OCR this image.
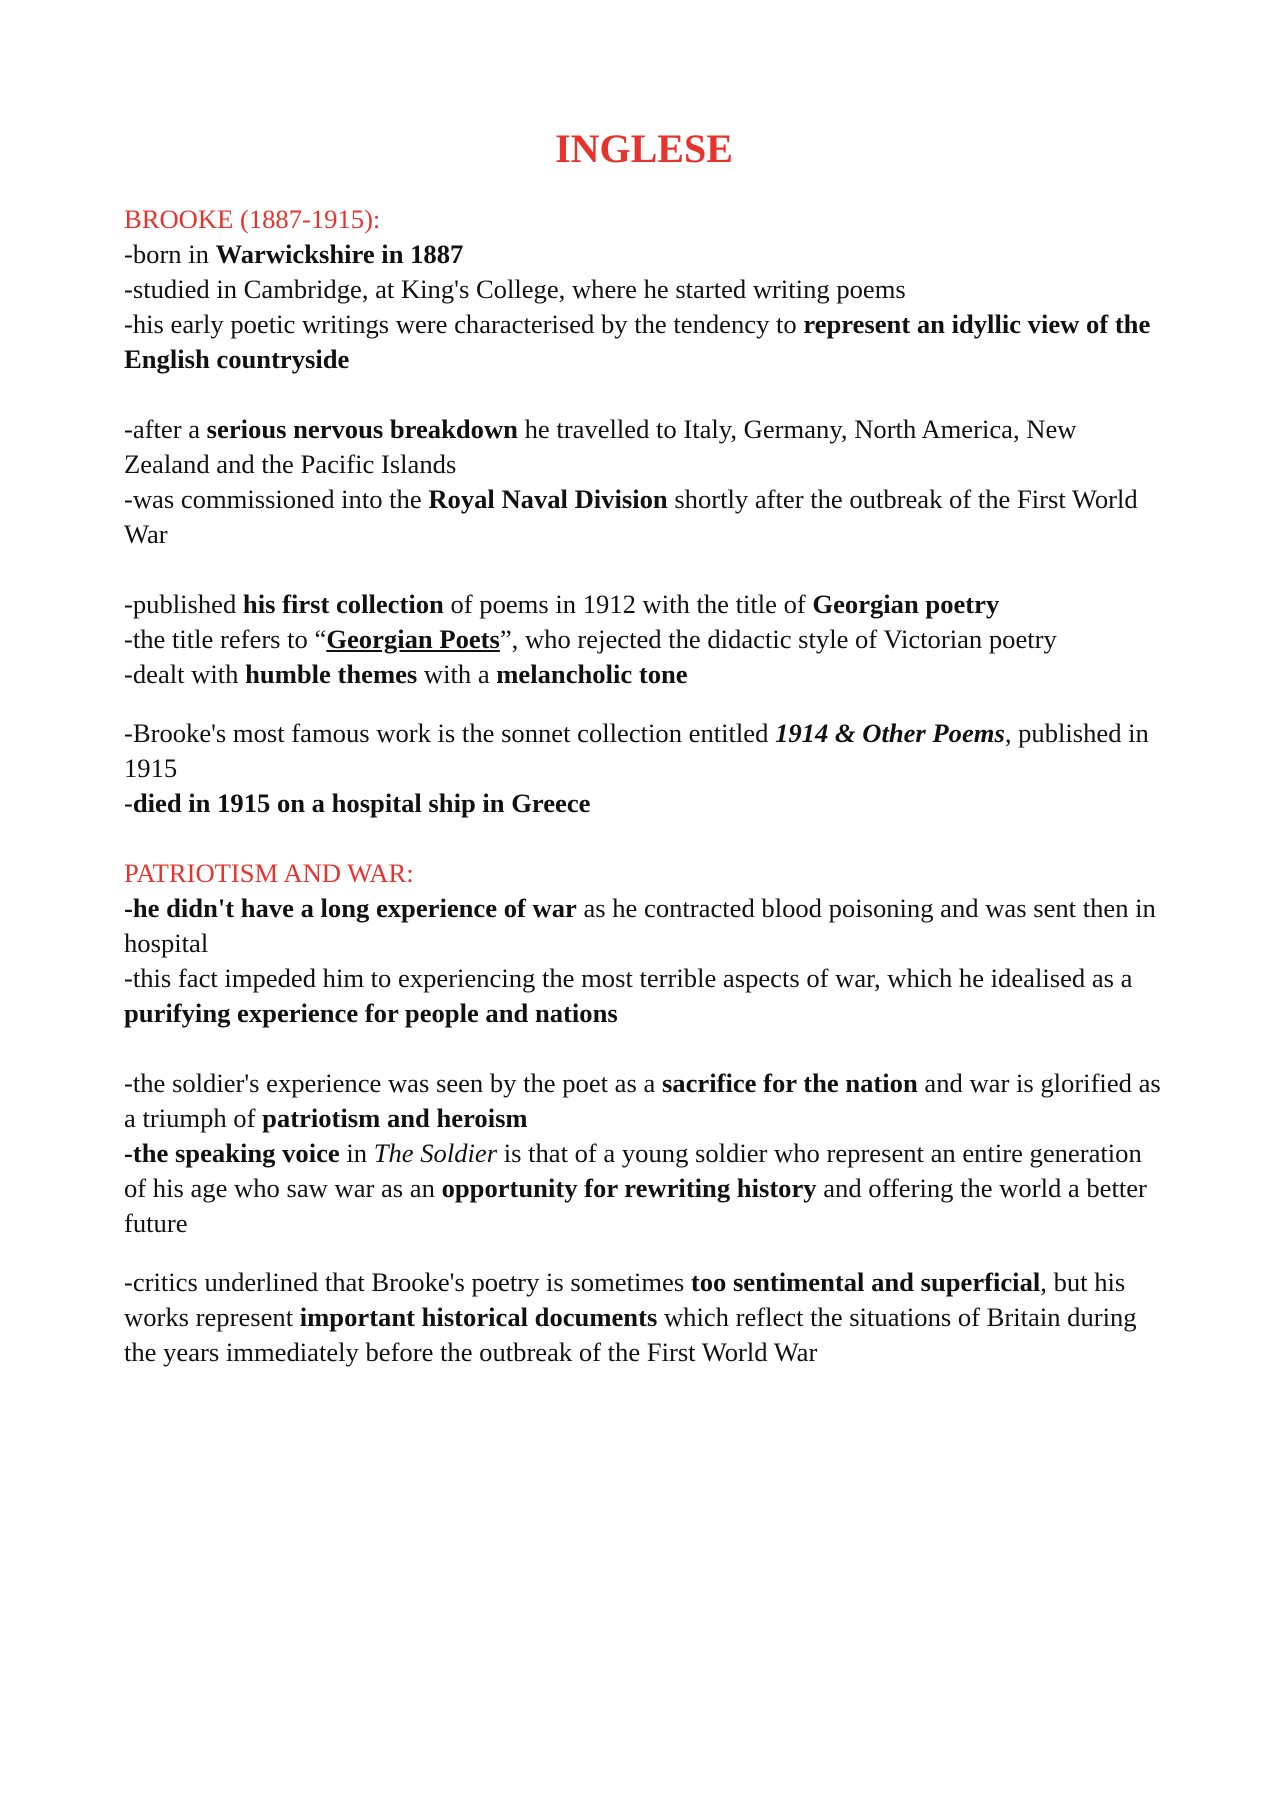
INGLESE
BROOKE (1887-1915):

-born in Warwickshire in 1887

-studied in Cambridge, at King's College, where he started writing poems

-his early poetic writings were characterised by the tendency to represent an idyllic view of the English countryside

-after a serious nervous breakdown he travelled to Italy, Germany, North America, New Zealand and the Pacific Islands

-was commissioned into the Royal Naval Division shortly after the outbreak of the First World War

-published his first collection of poems in 1912 with the title of Georgian poetry

-the title refers to “Georgian Poets”, who rejected the didactic style of Victorian poetry

-dealt with humble themes with a melancholic tone

-Brooke's most famous work is the sonnet collection entitled 1914 & Other Poems, published in 1915

-died in 1915 on a hospital ship in Greece

PATRIOTISM AND WAR:

-he didn't have a long experience of war as he contracted blood poisoning and was sent then in hospital

-this fact impeded him to experiencing the most terrible aspects of war, which he idealised as a purifying experience for people and nations

-the soldier's experience was seen by the poet as a sacrifice for the nation and war is glorified as a triumph of patriotism and heroism

-the speaking voice in The Soldier is that of a young soldier who represent an entire generation of his age who saw war as an opportunity for rewriting history and offering the world a better future

-critics underlined that Brooke's poetry is sometimes too sentimental and superficial, but his works represent important historical documents which reflect the situations of Britain during the years immediately before the outbreak of the First World War
